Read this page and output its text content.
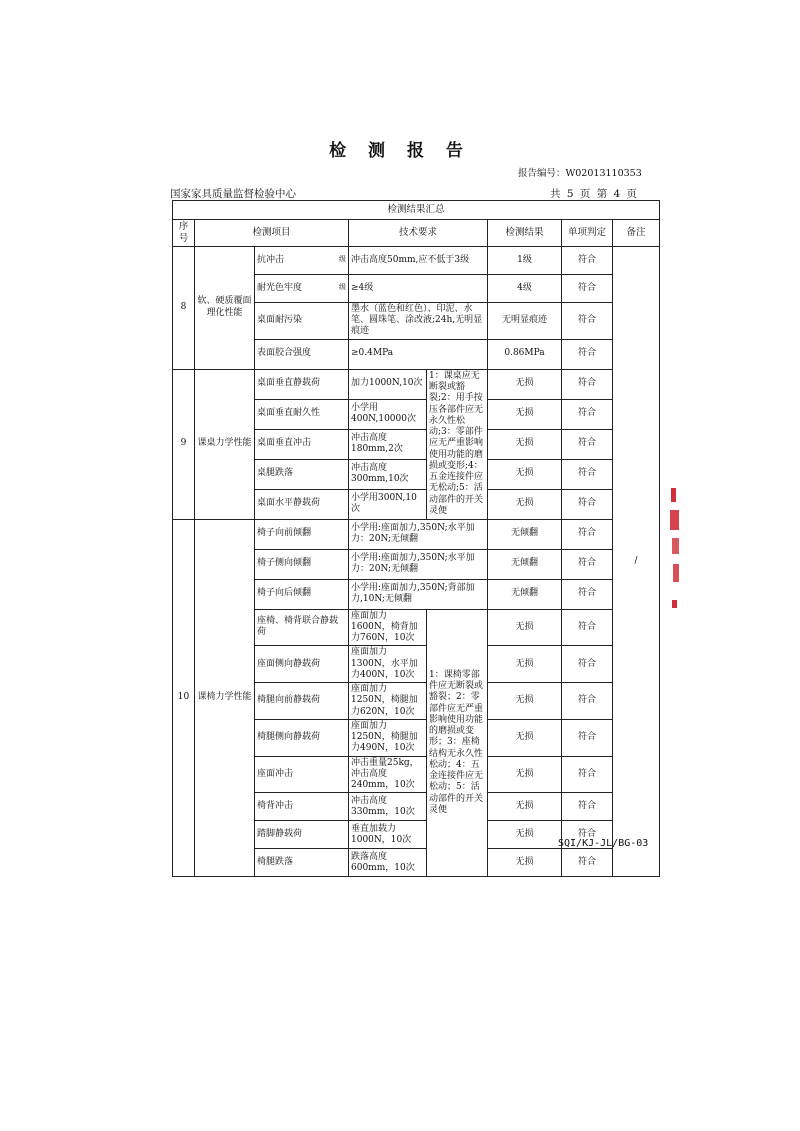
检 测 报 告
报告编号：W02013110353
国家家具质量监督检验中心	共 5 页 第 4 页
检测结果汇总							
序号	检测项目		技术要求		检测结果	单项判定	备注
8	软、硬质覆面理化性能	抗冲击 级	冲击高度50mm,应不低于3级		1级	符合	/
		耐光色牢度 级	≥4级		4级	符合	
		桌面耐污染	墨水（蓝色和红色）、印泥、水笔、圆珠笔、涂改液;24h,无明显痕迹		无明显痕迹	符合	
		表面胶合强度	≥0.4MPa		0.86MPa	符合	
9	课桌力学性能	桌面垂直静载荷	加力1000N,10次	1：课桌应无断裂或豁裂;2：用手按压各部件应无永久性松动;3：零部件应无严重影响使用功能的磨损或变形;4：五金连接件应无松动;5：活动部件的开关灵便	无损	符合	
		桌面垂直耐久性	小学用400N,10000次		无损	符合	
		桌面垂直冲击	冲击高度180mm,2次		无损	符合	
		桌腿跌落	冲击高度300mm,10次		无损	符合	
		桌面水平静载荷	小学用300N,10次		无损	符合	
10	课椅力学性能	椅子向前倾翻	小学用:座面加力,350N;水平加力：20N;无倾翻		无倾翻	符合	
		椅子侧向倾翻	小学用:座面加力,350N;水平加力：20N;无倾翻		无倾翻	符合	
		椅子向后倾翻	小学用:座面加力,350N;背部加力,10N;无倾翻		无倾翻	符合	
		座椅、椅背联合静载荷	座面加力1600N，椅背加力760N，10次	1：课椅零部件应无断裂或豁裂；2：零部件应无严重影响使用功能的磨损或变形；3：座椅结构无永久性松动；4：五金连接件应无松动；5：活动部件的开关灵便	无损	符合	
		座面侧向静载荷	座面加力1300N，水平加力400N，10次		无损	符合	
		椅腿向前静载荷	座面加力1250N，椅腿加力620N，10次		无损	符合	
		椅腿侧向静载荷	座面加力1250N，椅腿加力490N，10次		无损	符合	
		座面冲击	冲击重量25kg，冲击高度240mm，10次		无损	符合	
		椅背冲击	冲击高度330mm，10次		无损	符合	
		踏脚静载荷	垂直加载力1000N，10次		无损	符合	
		椅腿跌落	跌落高度600mm，10次		无损	符合	
SQI/KJ-JL/BG-03
